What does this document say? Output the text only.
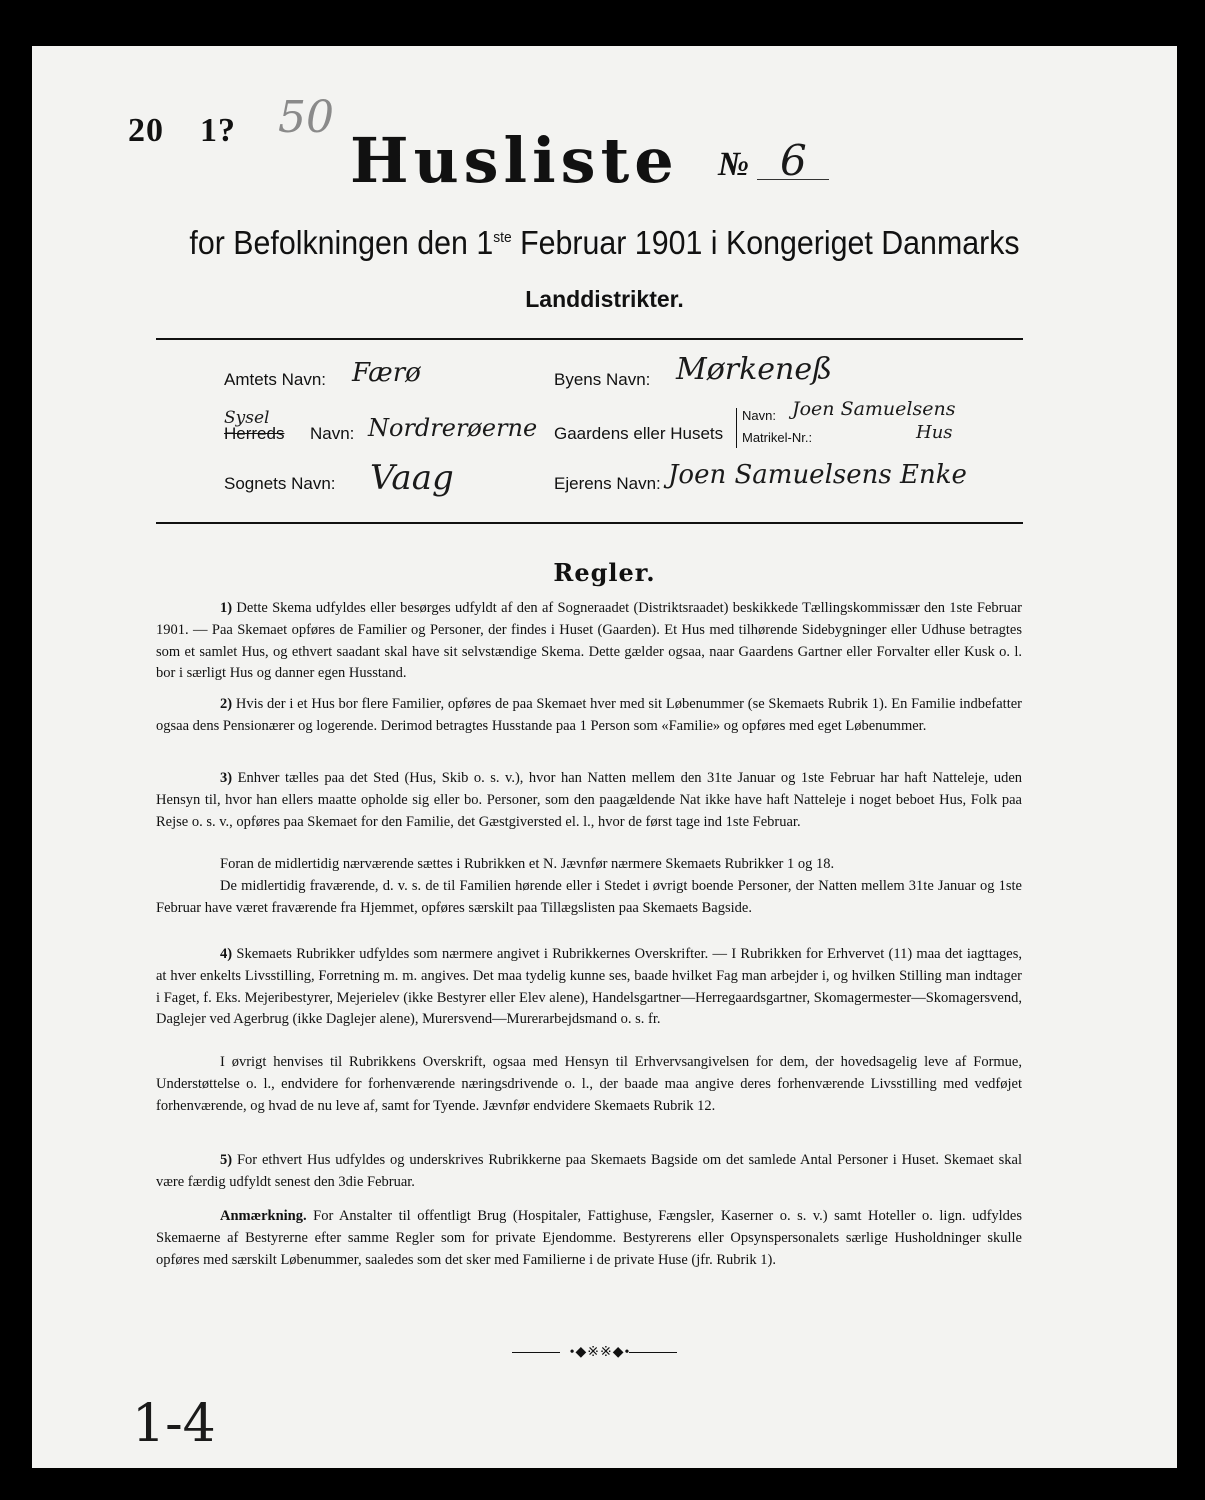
20 1? 50
Husliste № 6
for Befolkningen den 1ste Februar 1901 i Kongeriget Danmarks
Landdistrikter.
Amtets Navn: Færø
Sysel
Herreds Navn: Nordrerøerne
Sognets Navn: Vaag
Byens Navn: Mørkeneß
Gaardens eller Husets
Navn: Joen Samuelsens
Matrikel-Nr.:	Hus
Ejerens Navn: Joen Samuelsens Enke
Regler.
1) Dette Skema udfyldes eller besørges udfyldt af den af Sogneraadet (Distriktsraadet) beskikkede Tællingskommissær den 1ste Februar 1901. — Paa Skemaet opføres de Familier og Personer, der findes i Huset (Gaarden). Et Hus med tilhørende Sidebygninger eller Udhuse betragtes som et samlet Hus, og ethvert saadant skal have sit selvstændige Skema. Dette gælder ogsaa, naar Gaardens Gartner eller Forvalter eller Kusk o. l. bor i særligt Hus og danner egen Husstand.
2) Hvis der i et Hus bor flere Familier, opføres de paa Skemaet hver med sit Løbenummer (se Skemaets Rubrik 1). En Familie indbefatter ogsaa dens Pensionærer og logerende. Derimod betragtes Husstande paa 1 Person som «Familie» og opføres med eget Løbenummer.
3) Enhver tælles paa det Sted (Hus, Skib o. s. v.), hvor han Natten mellem den 31te Januar og 1ste Februar har haft Natteleje, uden Hensyn til, hvor han ellers maatte opholde sig eller bo. Personer, som den paagældende Nat ikke have haft Natteleje i noget beboet Hus, Folk paa Rejse o. s. v., opføres paa Skemaet for den Familie, det Gæstgiversted el. l., hvor de først tage ind 1ste Februar.
Foran de midlertidig nærværende sættes i Rubrikken et N. Jævnfør nærmere Skemaets Rubrikker 1 og 18.
De midlertidig fraværende, d. v. s. de til Familien hørende eller i Stedet i øvrigt boende Personer, der Natten mellem 31te Januar og 1ste Februar have været fraværende fra Hjemmet, opføres særskilt paa Tillægslisten paa Skemaets Bagside.
4) Skemaets Rubrikker udfyldes som nærmere angivet i Rubrikkernes Overskrifter. — I Rubrikken for Erhvervet (11) maa det iagttages, at hver enkelts Livsstilling, Forretning m. m. angives. Det maa tydelig kunne ses, baade hvilket Fag man arbejder i, og hvilken Stilling man indtager i Faget, f. Eks. Mejeribestyrer, Mejerielev (ikke Bestyrer eller Elev alene), Handelsgartner—Herregaardsgartner, Skomagermester—Skomagersvend, Daglejer ved Agerbrug (ikke Daglejer alene), Murersvend—Murerarbejdsmand o. s. fr.
I øvrigt henvises til Rubrikkens Overskrift, ogsaa med Hensyn til Erhvervsangivelsen for dem, der hovedsagelig leve af Formue, Understøttelse o. l., endvidere for forhenværende næringsdrivende o. l., der baade maa angive deres forhenværende Livsstilling med vedføjet forhenværende, og hvad de nu leve af, samt for Tyende. Jævnfør endvidere Skemaets Rubrik 12.
5) For ethvert Hus udfyldes og underskrives Rubrikkerne paa Skemaets Bagside om det samlede Antal Personer i Huset. Skemaet skal være færdig udfyldt senest den 3die Februar.
Anmærkning. For Anstalter til offentligt Brug (Hospitaler, Fattighuse, Fængsler, Kaserner o. s. v.) samt Hoteller o. lign. udfyldes Skemaerne af Bestyrerne efter samme Regler som for private Ejendomme. Bestyrerens eller Opsynspersonalets særlige Husholdninger skulle opføres med særskilt Løbenummer, saaledes som det sker med Familierne i de private Huse (jfr. Rubrik 1).
•◆※※◆•
1-4
